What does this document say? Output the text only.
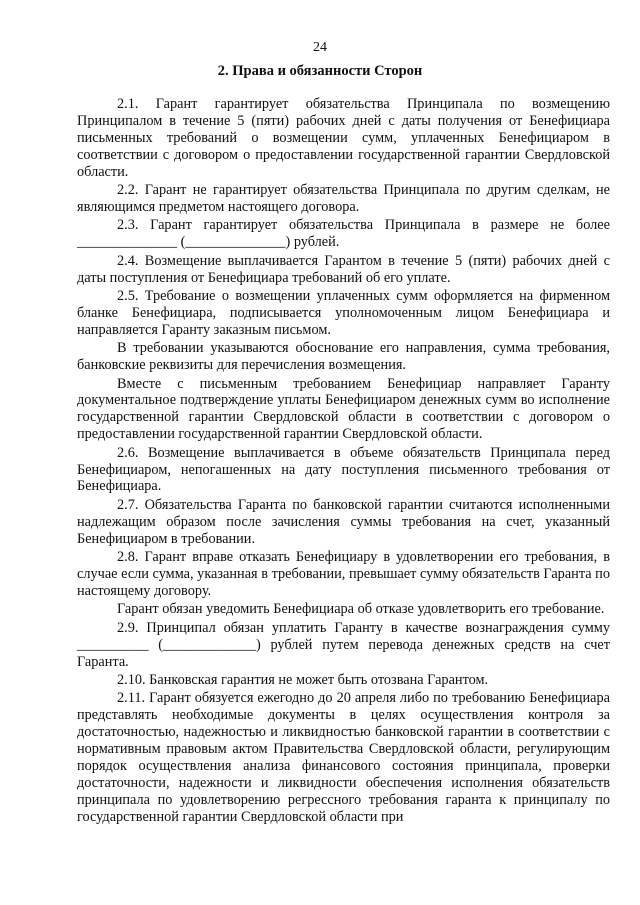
24
2. Права и обязанности Сторон

2.1. Гарант гарантирует обязательства Принципала по возмещению Принципалом в течение 5 (пяти) рабочих дней с даты получения от Бенефициара письменных требований о возмещении сумм, уплаченных Бенефициаром в соответствии с договором о предоставлении государственной гарантии Свердловской области.

2.2. Гарант не гарантирует обязательства Принципала по другим сделкам, не являющимся предметом настоящего договора.

2.3. Гарант гарантирует обязательства Принципала в размере не более ______________ (______________) рублей.

2.4. Возмещение выплачивается Гарантом в течение 5 (пяти) рабочих дней с даты поступления от Бенефициара требований об его уплате.

2.5. Требование о возмещении уплаченных сумм оформляется на фирменном бланке Бенефициара, подписывается уполномоченным лицом Бенефициара и направляется Гаранту заказным письмом.

В требовании указываются обоснование его направления, сумма требования, банковские реквизиты для перечисления возмещения.

Вместе с письменным требованием Бенефициар направляет Гаранту документальное подтверждение уплаты Бенефициаром денежных сумм во исполнение государственной гарантии Свердловской области в соответствии с договором о предоставлении государственной гарантии Свердловской области.

2.6. Возмещение выплачивается в объеме обязательств Принципала перед Бенефициаром, непогашенных на дату поступления письменного требования от Бенефициара.

2.7. Обязательства Гаранта по банковской гарантии считаются исполненными надлежащим образом после зачисления суммы требования на счет, указанный Бенефициаром в требовании.

2.8. Гарант вправе отказать Бенефициару в удовлетворении его требования, в случае если сумма, указанная в требовании, превышает сумму обязательств Гаранта по настоящему договору.

Гарант обязан уведомить Бенефициара об отказе удовлетворить его требование.

2.9. Принципал обязан уплатить Гаранту в качестве вознаграждения сумму __________ (_____________) рублей путем перевода денежных средств на счет Гаранта.

2.10. Банковская гарантия не может быть отозвана Гарантом.

2.11. Гарант обязуется ежегодно до 20 апреля либо по требованию Бенефициара представлять необходимые документы в целях осуществления контроля за достаточностью, надежностью и ликвидностью банковской гарантии в соответствии с нормативным правовым актом Правительства Свердловской области, регулирующим порядок осуществления анализа финансового состояния принципала, проверки достаточности, надежности и ликвидности обеспечения исполнения обязательств принципала по удовлетворению регрессного требования гаранта к принципалу по государственной гарантии Свердловской области при
